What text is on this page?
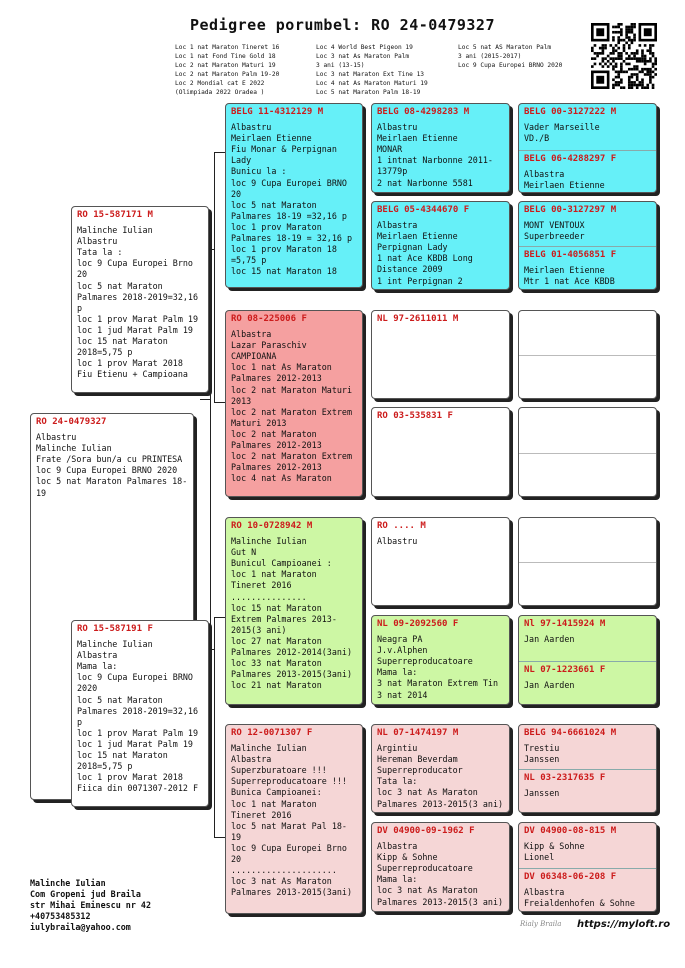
Pedigree porumbel: RO 24-0479327
Loc 1 nat Maraton Tineret 16
Loc 1 nat Fond Tine Gold 18
Loc 2 nat Maraton Maturi 19
Loc 2 nat Maraton Palm 19-20
Loc 2 Mondial cat E 2022
(Olimpiada 2022 Oradea )
Loc 4 World Best Pigeon 19
Loc 3 nat As Maraton Palm
3 ani (13-15)
Loc 3 nat Maraton Ext Tine 13
Loc 4 nat As Maraton Maturi 19
Loc 5 nat Maraton Palm 18-19
Loc 5 nat AS Maraton Palm
3 ani (2015-2017)
Loc 9 Cupa Europei BRNO 2020
RO 24-0479327
Albastru
Malinche Iulian
Frate /Sora bun/a cu PRINTESA
loc 9 Cupa Europei BRNO 2020
loc 5 nat Maraton Palmares 18-19
RO 15-587171 M
Malinche Iulian
Albastru
Tata la :
loc 9 Cupa Europei Brno 20
loc 5 nat Maraton Palmares 2018-2019=32,16 p
loc 1 prov Marat Palm 19
loc 1 jud Marat Palm 19
loc 15 nat Maraton 2018=5,75 p
loc 1 prov Marat 2018
Fiu Etienu + Campioana
RO 15-587191 F
Malinche Iulian
Albastra
Mama la:
loc 9 Cupa Europei BRNO 2020
loc 5 nat Maraton Palmares 2018-2019=32,16 p
loc 1 prov Marat Palm 19
loc 1 jud Marat Palm 19
loc 15 nat Maraton 2018=5,75 p
loc 1 prov Marat 2018
Fiica din 0071307-2012 F
BELG 11-4312129 M
Albastru
Meirlaen Etienne
Fiu Monar & Perpignan Lady
Bunicu la :
loc 9 Cupa Europei BRNO 20
loc 5 nat Maraton Palmares 18-19 =32,16 p
loc 1 prov Maraton Palmares 18-19 = 32,16 p
loc 1 prov Maraton 18 =5,75 p
loc 15 nat Maraton 18
RO 08-225006 F
Albastra
Lazar Paraschiv
CAMPIOANA
loc 1 nat As Maraton Palmares 2012-2013
loc 2 nat Maraton Maturi 2013
loc 2 nat Maraton Extrem Maturi 2013
loc 2 nat Maraton Palmares 2012-2013
loc 2 nat Maraton Extrem Palmares 2012-2013
loc 4 nat As Maraton
RO 10-0728942 M
Malinche Iulian
Gut N
Bunicul Campioanei :
loc 1 nat Maraton Tineret 2016
...............
loc 15 nat Maraton Extrem Palmares 2013-2015(3 ani)
loc 27 nat Maraton Palmares 2012-2014(3ani)
loc 33 nat Maraton Palmares 2013-2015(3ani)
loc 21 nat Maraton
RO 12-0071307 F
Malinche Iulian
Albastra
Superzburatoare !!!
Superreproducatoare !!!
Bunica Campioanei:
loc 1 nat Maraton Tineret 2016
loc 5 nat Marat Pal 18-19
loc 9 Cupa Europei Brno 20
.....................
loc 3 nat As Maraton Palmares 2013-2015(3ani)
BELG 08-4298283 M
Albastru
Meirlaen Etienne
MONAR
1 intnat Narbonne 2011-13779p
2 nat Narbonne 5581
BELG 05-4344670 F
Albastra
Meirlaen Etienne
Perpignan Lady
1 nat Ace KBDB Long Distance 2009
1 int Perpignan 2
NL 97-2611011 M
RO 03-535831 F
RO .... M
Albastru
NL 09-2092560 F
Neagra PA
J.v.Alphen
Superreproducatoare
Mama la:
3 nat Maraton Extrem Tin
3 nat 2014
NL 07-1474197 M
Argintiu
Hereman Beverdam
Superreproducator
Tata la:
loc 3 nat As Maraton
Palmares 2013-2015(3 ani)
DV 04900-09-1962 F
Albastra
Kipp & Sohne
Superreproducatoare
Mama la:
loc 3 nat As Maraton
Palmares 2013-2015(3 ani)
BELG 00-3127222 M
Vader Marseille
VD./B
BELG 06-4288297 F
Albastra
Meirlaen Etienne
BELG 00-3127297 M
MONT VENTOUX
Superbreeder
BELG 01-4056851 F
Meirlaen Etienne
Mtr 1 nat Ace KBDB
Nl 97-1415924 M
Jan Aarden
NL 07-1223661 F
Jan Aarden
BELG 94-6661024 M
Trestiu
Janssen
NL 03-2317635 F
Janssen
DV 04900-08-815 M
Kipp & Sohne
Lionel
DV 06348-06-208 F
Albastra
Freialdenhofen & Sohne
Malinche Iulian
Com Gropeni jud Braila
str Mihai Eminescu nr 42
+40753485312
iulybraila@yahoo.com	Rialy Braila https://myloft.ro
